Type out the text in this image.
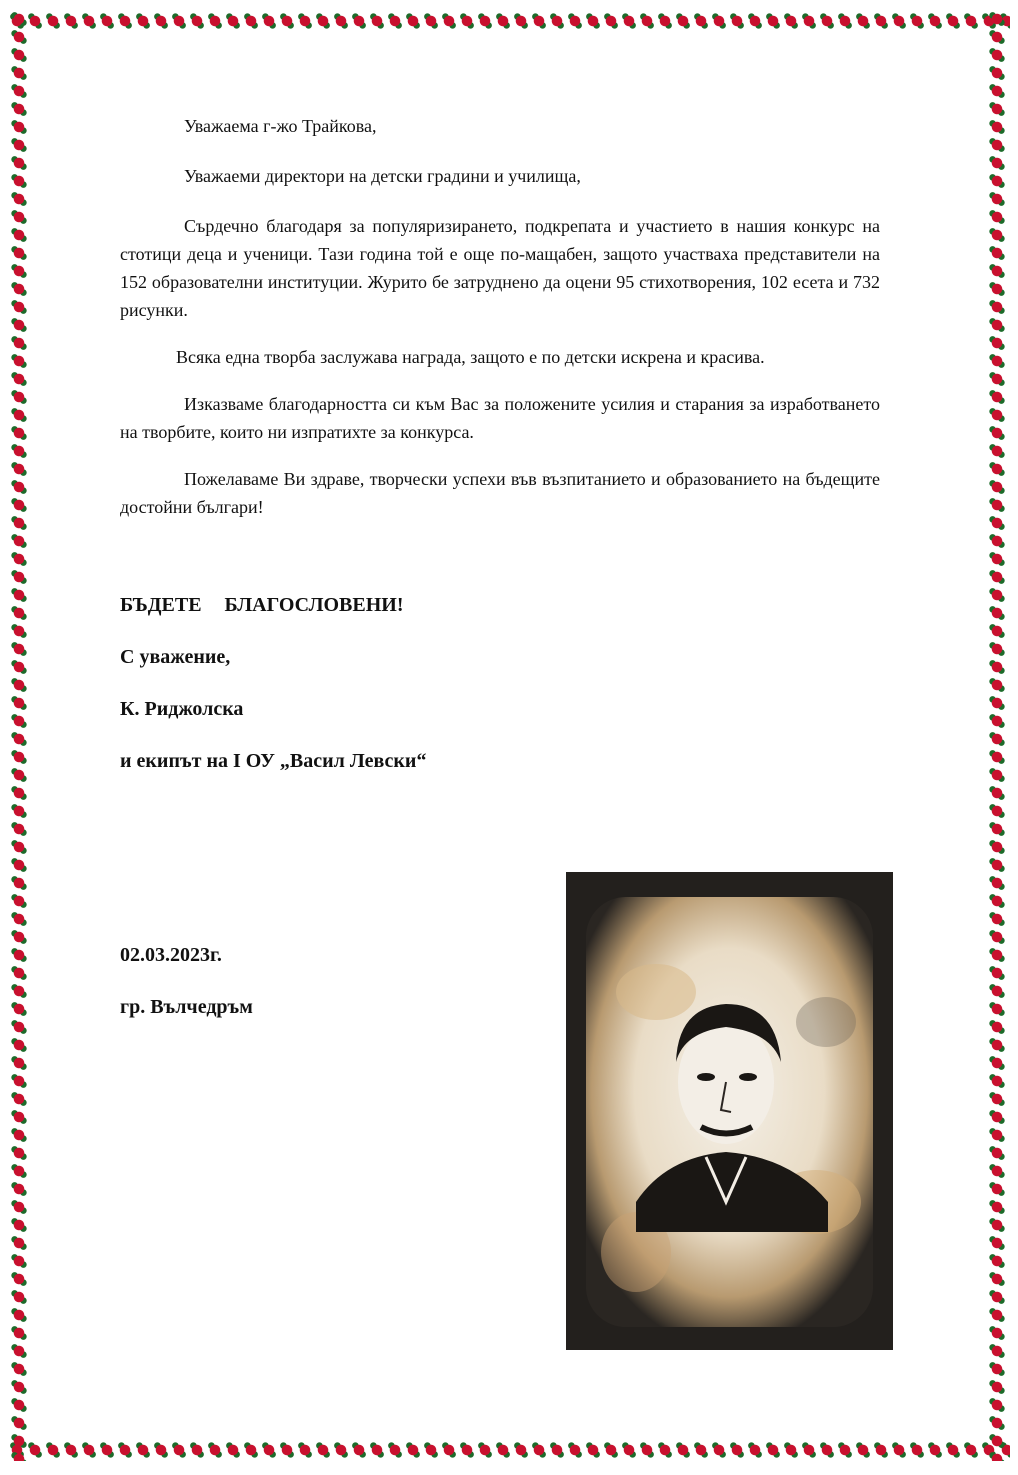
Уважаема г-жо Трайкова,

Уважаеми директори на детски градини и училища,

Сърдечно благодаря за популяризирането, подкрепата и участието в нашия конкурс на стотици деца и ученици. Тази година той е още по-мащабен, защото участваха представители на 152 образователни институции. Журито бе затруднено да оцени 95 стихотворения, 102 есета и 732 рисунки.

Всяка една творба заслужава награда, защото е по детски искрена и красива.

Изказваме благодарността си към Вас за положените усилия и старания за изработването на творбите, които ни изпратихте за конкурса.

Пожелаваме Ви здраве, творчески успехи във възпитанието и образованието на бъдещите достойни българи!

БЪДЕТЕ БЛАГОСЛОВЕНИ!

С уважение,

К. Риджолска

и екипът на I ОУ „Васил Левски“

02.03.2023г.

гр. Вълчедръм
